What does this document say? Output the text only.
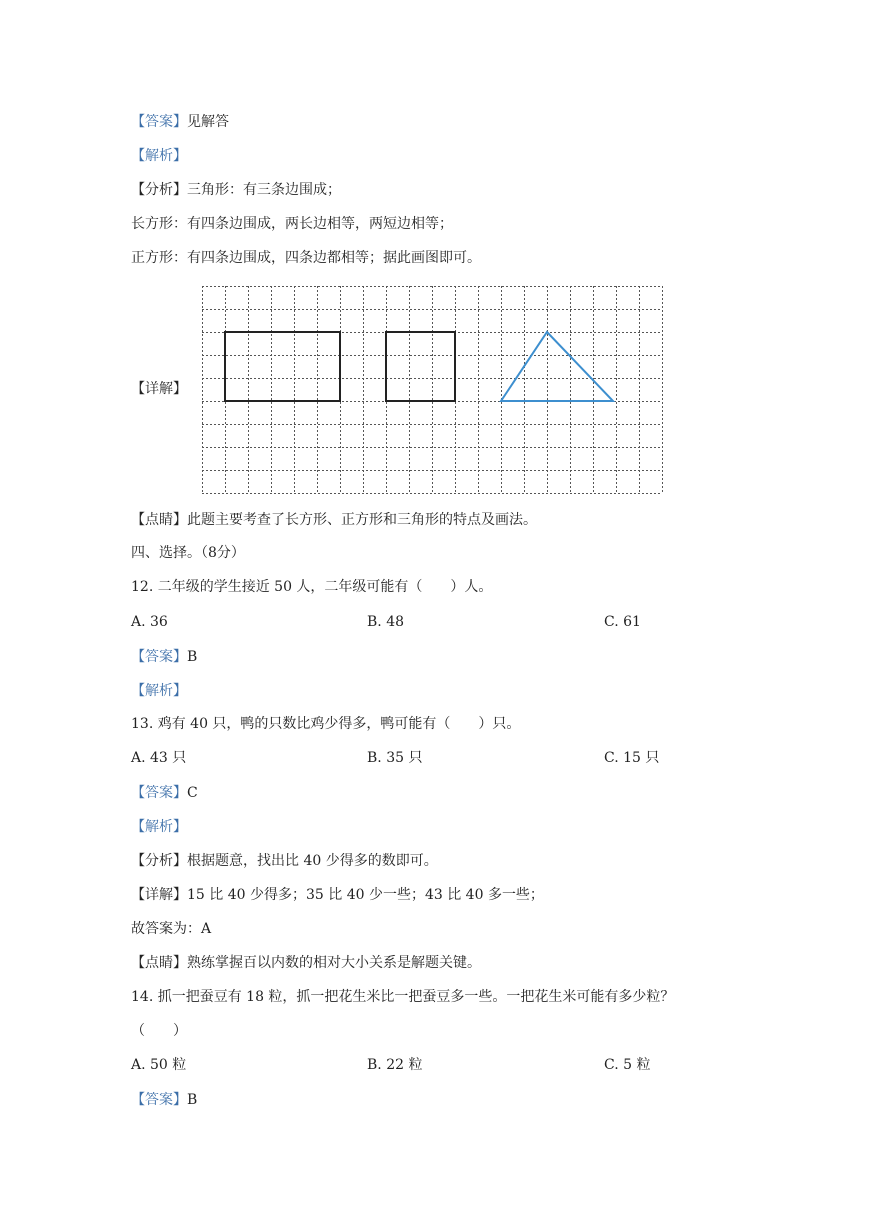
【答案】见解答
【解析】
【分析】三角形：有三条边围成；
长方形：有四条边围成，两长边相等，两短边相等；
正方形：有四条边围成，四条边都相等；据此画图即可。
【详解】
【点睛】此题主要考查了长方形、正方形和三角形的特点及画法。
四、选择。（8分）
12. 二年级的学生接近 50 人，二年级可能有（　　）人。
A. 36	B. 48	C. 61
【答案】B
【解析】
13. 鸡有 40 只，鸭的只数比鸡少得多，鸭可能有（　　）只。
A. 43 只	B. 35 只	C. 15 只
【答案】C
【解析】
【分析】根据题意，找出比 40 少得多的数即可。
【详解】15 比 40 少得多；35 比 40 少一些；43 比 40 多一些；
故答案为：A
【点睛】熟练掌握百以内数的相对大小关系是解题关键。
14. 抓一把蚕豆有 18 粒，抓一把花生米比一把蚕豆多一些。一把花生米可能有多少粒？
（　　）
A. 50 粒	B. 22 粒	C. 5 粒
【答案】B
